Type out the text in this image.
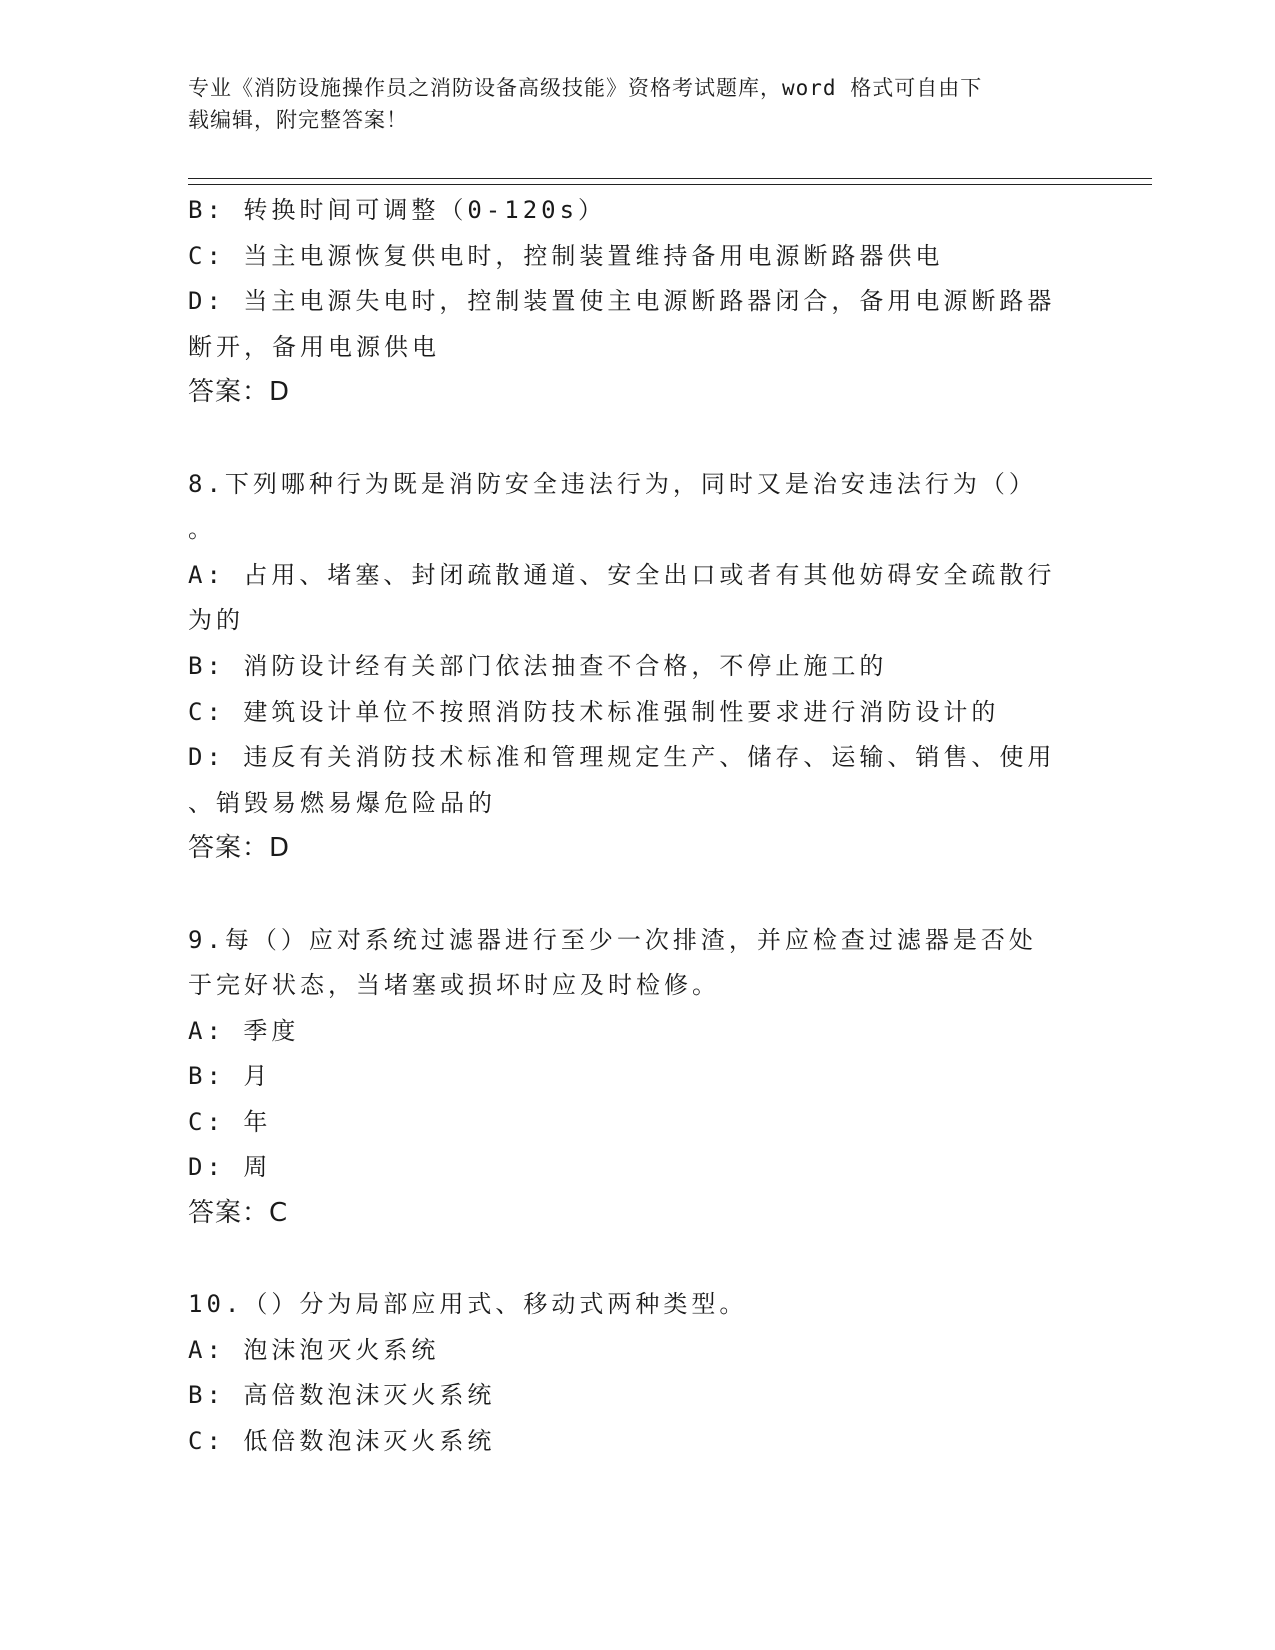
专业《消防设施操作员之消防设备高级技能》资格考试题库，word 格式可自由下
载编辑，附完整答案！
B: 转换时间可调整（0-120s）
C: 当主电源恢复供电时，控制装置维持备用电源断路器供电
D: 当主电源失电时，控制装置使主电源断路器闭合，备用电源断路器
断开，备用电源供电
答案：D
8.下列哪种行为既是消防安全违法行为，同时又是治安违法行为（）
。
A: 占用、堵塞、封闭疏散通道、安全出口或者有其他妨碍安全疏散行
为的
B: 消防设计经有关部门依法抽查不合格，不停止施工的
C: 建筑设计单位不按照消防技术标准强制性要求进行消防设计的
D: 违反有关消防技术标准和管理规定生产、储存、运输、销售、使用
、销毁易燃易爆危险品的
答案：D
9.每（）应对系统过滤器进行至少一次排渣，并应检查过滤器是否处
于完好状态，当堵塞或损坏时应及时检修。
A: 季度
B: 月
C: 年
D: 周
答案：C
10.（）分为局部应用式、移动式两种类型。
A: 泡沫泡灭火系统
B: 高倍数泡沫灭火系统
C: 低倍数泡沫灭火系统
